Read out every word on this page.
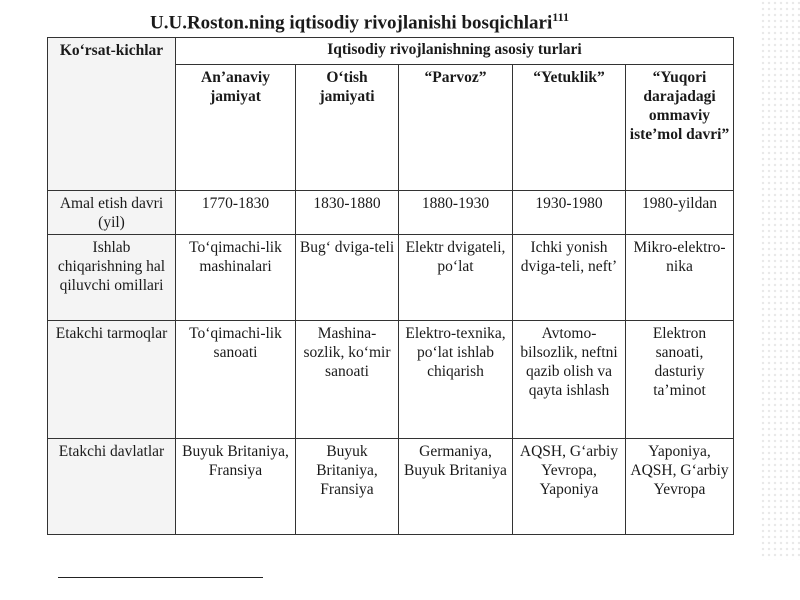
U.U.Roston.ning iqtisodiy rivojlanishi bosqichlari$^{111}$
Ko‘rsat-kichlar	Iqtisodiy rivojlanishning asosiy turlari				
	An’anaviy jamiyat	O‘tish jamiyati	“Parvoz”	“Yetuklik”	“Yuqori darajadagi ommaviy iste’mol davri”
Amal etish davri (yil)	1770-1830	1830-1880	1880-1930	1930-1980	1980-yildan
Ishlab chiqarishning hal qiluvchi omillari	To‘qimachi-lik mashinalari	Bug‘ dviga-teli	Elektr dvigateli, po‘lat	Ichki yonish dviga-teli, neft’	Mikro-elektro-nika
Etakchi tarmoqlar	To‘qimachi-lik sanoati	Mashina-sozlik, ko‘mir sanoati	Elektro-texnika, po‘lat ishlab chiqarish	Avtomo-bilsozlik, neftni qazib olish va qayta ishlash	Elektron sanoati, dasturiy ta’minot
Etakchi davlatlar	Buyuk Britaniya, Fransiya	Buyuk Britaniya, Fransiya	Germaniya, Buyuk Britaniya	AQSH, G‘arbiy Yevropa, Yaponiya	Yaponiya, AQSH, G‘arbiy Yevropa
